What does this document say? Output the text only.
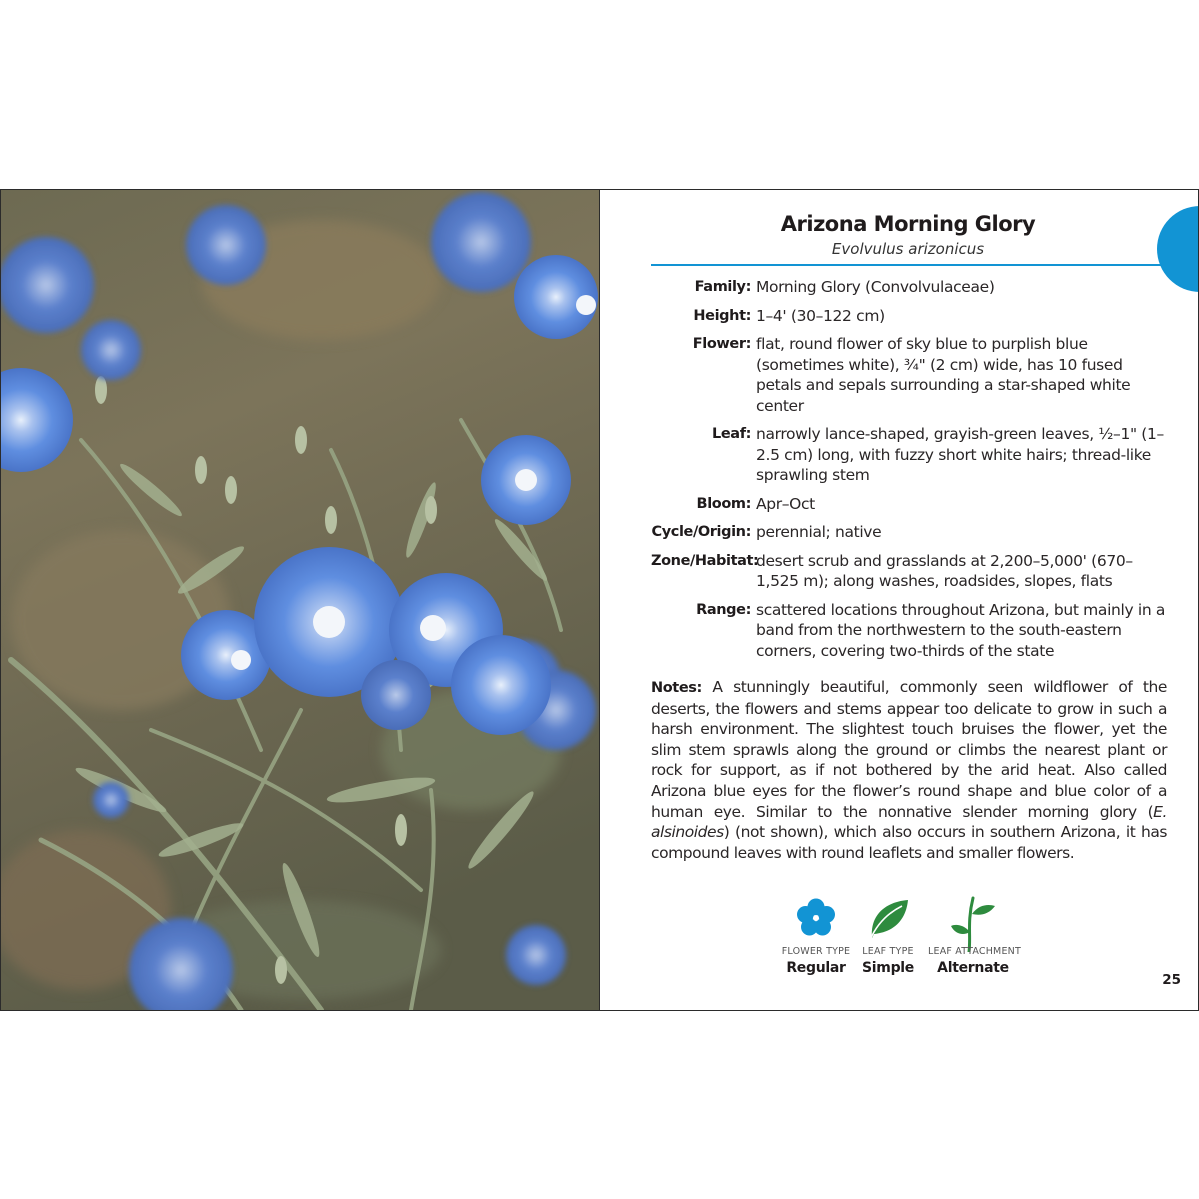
Arizona Morning Glory
Evolvulus arizonicus
Family: Morning Glory (Convolvulaceae)
Height: 1–4' (30–122 cm)
Flower: flat, round flower of sky blue to purplish blue (sometimes white), ¾" (2 cm) wide, has 10 fused petals and sepals surrounding a star-shaped white center
Leaf: narrowly lance-shaped, grayish-green leaves, ½–1" (1–2.5 cm) long, with fuzzy short white hairs; thread-like sprawling stem
Bloom: Apr–Oct
Cycle/Origin: perennial; native
Zone/Habitat:
desert scrub and grasslands at 2,200–5,000' (670–1,525 m); along washes, roadsides, slopes, flats
Range: scattered locations throughout Arizona, but mainly in a band from the northwestern to the south-eastern corners, covering two-thirds of the state
Notes: A stunningly beautiful, commonly seen wildflower of the deserts, the flowers and stems appear too delicate to grow in such a harsh environment. The slightest touch bruises the flower, yet the slim stem sprawls along the ground or climbs the nearest plant or rock for support, as if not bothered by the arid heat. Also called Arizona blue eyes for the flower’s round shape and blue color of a human eye. Similar to the nonnative slender morning glory (E. alsinoides) (not shown), which also occurs in southern Arizona, it has compound leaves with round leaflets and smaller flowers.
FLOWER TYPE
Regular
LEAF TYPE
Simple
LEAF ATTACHMENT
Alternate
25
